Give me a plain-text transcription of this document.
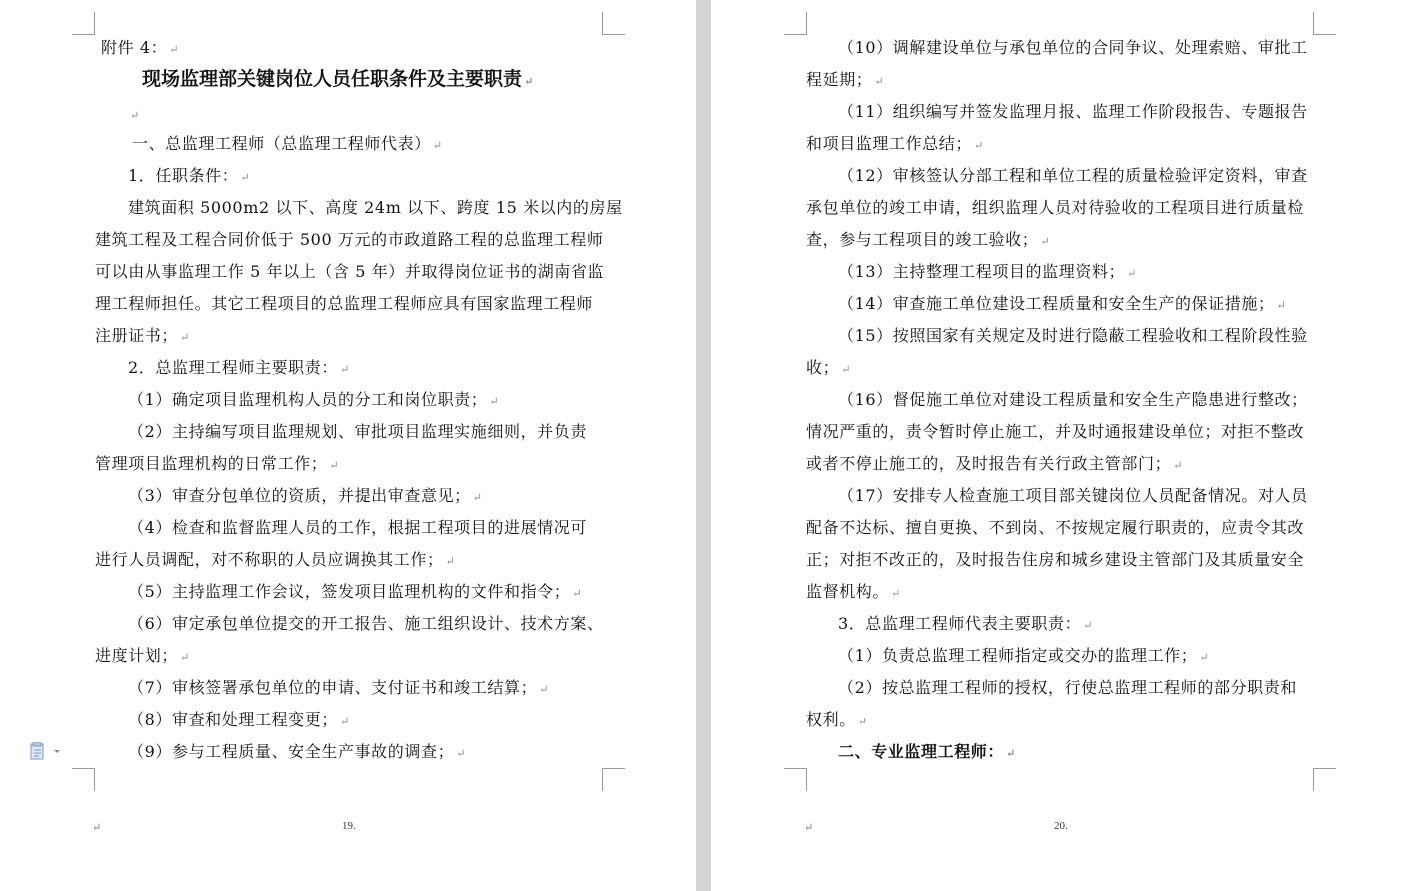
附件 4： ↵
现场监理部关键岗位人员任职条件及主要职责 ↵
↵
一、总监理工程师（总监理工程师代表） ↵
1．任职条件： ↵
建筑面积 5000m2 以下、高度 24m 以下、跨度 15 米以内的房屋
建筑工程及工程合同价低于 500 万元的市政道路工程的总监理工程师
可以由从事监理工作 5 年以上（含 5 年）并取得岗位证书的湖南省监
理工程师担任。其它工程项目的总监理工程师应具有国家监理工程师
注册证书； ↵
2．总监理工程师主要职责： ↵
（1）确定项目监理机构人员的分工和岗位职责； ↵
（2）主持编写项目监理规划、审批项目监理实施细则，并负责
管理项目监理机构的日常工作； ↵
（3）审查分包单位的资质，并提出审查意见； ↵
（4）检查和监督监理人员的工作，根据工程项目的进展情况可
进行人员调配，对不称职的人员应调换其工作； ↵
（5）主持监理工作会议，签发项目监理机构的文件和指令； ↵
（6）审定承包单位提交的开工报告、施工组织设计、技术方案、
进度计划； ↵
（7）审核签署承包单位的申请、支付证书和竣工结算； ↵
（8）审查和处理工程变更； ↵
（9）参与工程质量、安全生产事故的调查； ↵
↵	19.
（10）调解建设单位与承包单位的合同争议、处理索赔、审批工
程延期； ↵
（11）组织编写并签发监理月报、监理工作阶段报告、专题报告
和项目监理工作总结； ↵
（12）审核签认分部工程和单位工程的质量检验评定资料，审查
承包单位的竣工申请，组织监理人员对待验收的工程项目进行质量检
查，参与工程项目的竣工验收； ↵
（13）主持整理工程项目的监理资料； ↵
（14）审查施工单位建设工程质量和安全生产的保证措施； ↵
（15）按照国家有关规定及时进行隐蔽工程验收和工程阶段性验
收； ↵
（16）督促施工单位对建设工程质量和安全生产隐患进行整改；
情况严重的，责令暂时停止施工，并及时通报建设单位；对拒不整改
或者不停止施工的，及时报告有关行政主管部门； ↵
（17）安排专人检查施工项目部关键岗位人员配备情况。对人员
配备不达标、擅自更换、不到岗、不按规定履行职责的，应责令其改
正；对拒不改正的，及时报告住房和城乡建设主管部门及其质量安全
监督机构。 ↵
3．总监理工程师代表主要职责： ↵
（1）负责总监理工程师指定或交办的监理工作； ↵
（2）按总监理工程师的授权，行使总监理工程师的部分职责和
权利。 ↵
二、专业监理工程师： ↵
↵	20.
